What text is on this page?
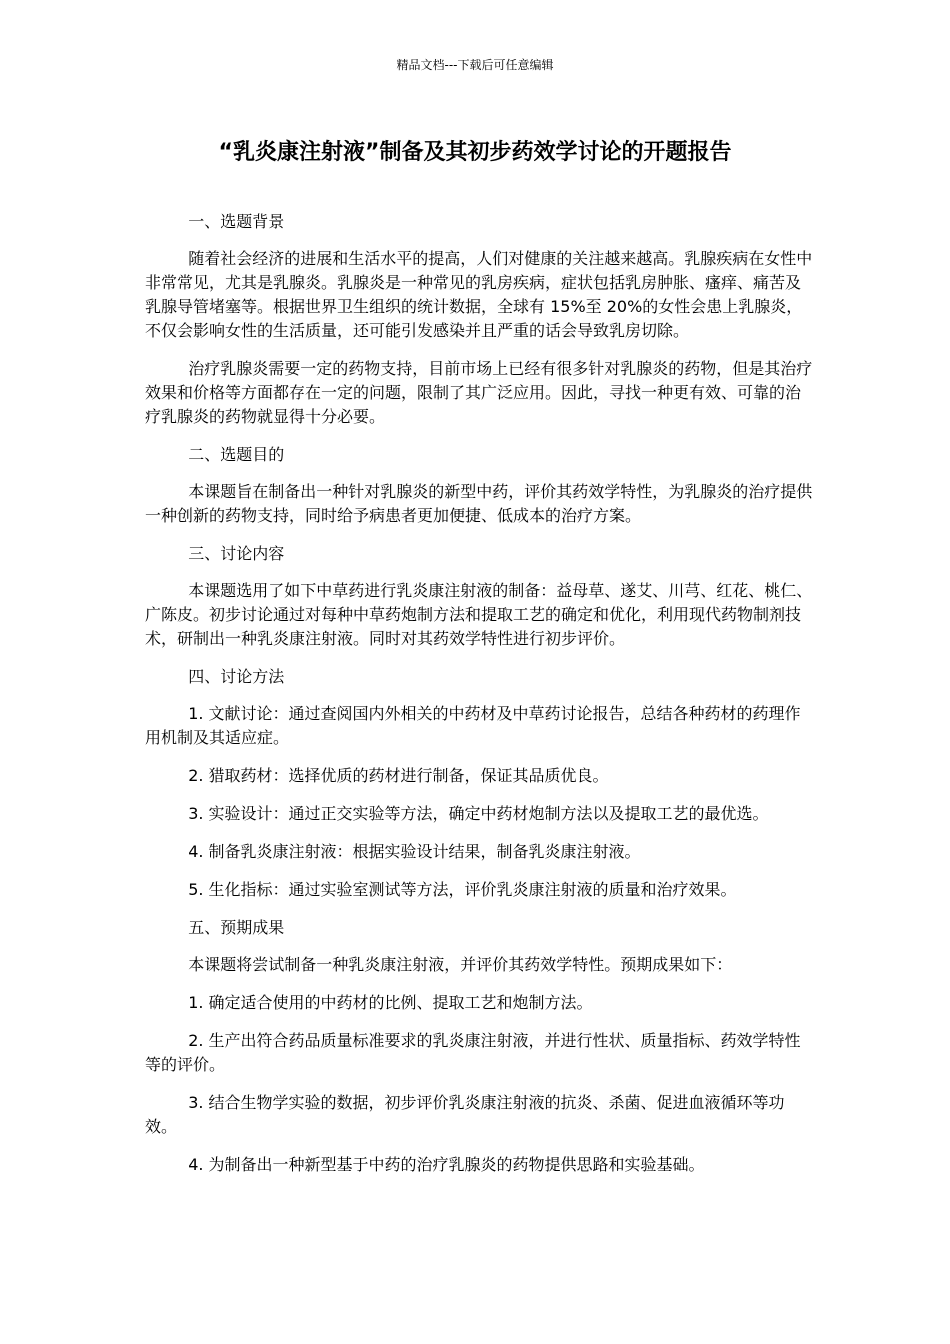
精品文档---下载后可任意编辑
“乳炎康注射液”制备及其初步药效学讨论的开题报告

一、选题背景

随着社会经济的进展和生活水平的提高，人们对健康的关注越来越高。乳腺疾病在女性中非常常见，尤其是乳腺炎。乳腺炎是一种常见的乳房疾病，症状包括乳房肿胀、瘙痒、痛苦及乳腺导管堵塞等。根据世界卫生组织的统计数据，全球有 15%至 20%的女性会患上乳腺炎，不仅会影响女性的生活质量，还可能引发感染并且严重的话会导致乳房切除。

治疗乳腺炎需要一定的药物支持，目前市场上已经有很多针对乳腺炎的药物，但是其治疗效果和价格等方面都存在一定的问题，限制了其广泛应用。因此，寻找一种更有效、可靠的治疗乳腺炎的药物就显得十分必要。

二、选题目的

本课题旨在制备出一种针对乳腺炎的新型中药，评价其药效学特性，为乳腺炎的治疗提供一种创新的药物支持，同时给予病患者更加便捷、低成本的治疗方案。

三、讨论内容

本课题选用了如下中草药进行乳炎康注射液的制备：益母草、遂艾、川芎、红花、桃仁、广陈皮。初步讨论通过对每种中草药炮制方法和提取工艺的确定和优化，利用现代药物制剂技术，研制出一种乳炎康注射液。同时对其药效学特性进行初步评价。

四、讨论方法

1. 文献讨论：通过查阅国内外相关的中药材及中草药讨论报告，总结各种药材的药理作用机制及其适应症。

2. 猎取药材：选择优质的药材进行制备，保证其品质优良。

3. 实验设计：通过正交实验等方法，确定中药材炮制方法以及提取工艺的最优选。

4. 制备乳炎康注射液：根据实验设计结果，制备乳炎康注射液。

5. 生化指标：通过实验室测试等方法，评价乳炎康注射液的质量和治疗效果。

五、预期成果

本课题将尝试制备一种乳炎康注射液，并评价其药效学特性。预期成果如下：

1. 确定适合使用的中药材的比例、提取工艺和炮制方法。

2. 生产出符合药品质量标准要求的乳炎康注射液，并进行性状、质量指标、药效学特性等的评价。

3. 结合生物学实验的数据，初步评价乳炎康注射液的抗炎、杀菌、促进血液循环等功效。

4. 为制备出一种新型基于中药的治疗乳腺炎的药物提供思路和实验基础。
